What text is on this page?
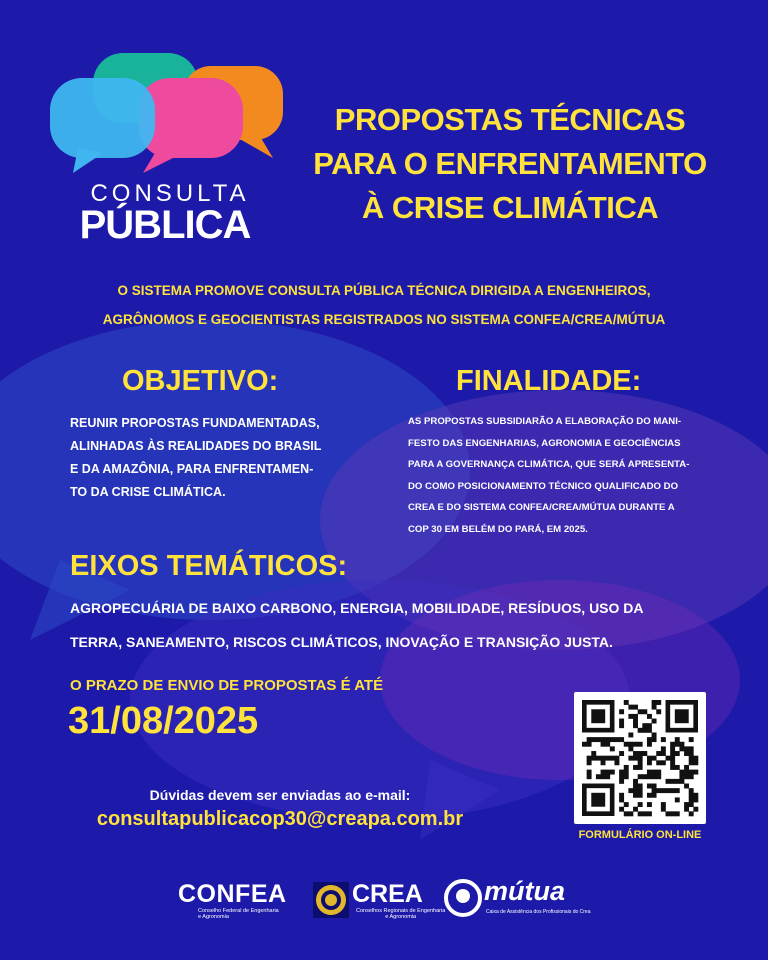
CONSULTA
PÚBLICA
PROPOSTAS TÉCNICAS
PARA O ENFRENTAMENTO
À CRISE CLIMÁTICA
O SISTEMA PROMOVE CONSULTA PÚBLICA TÉCNICA DIRIGIDA A ENGENHEIROS,
AGRÔNOMOS E GEOCIENTISTAS REGISTRADOS NO SISTEMA CONFEA/CREA/MÚTUA
OBJETIVO:
REUNIR PROPOSTAS FUNDAMENTADAS,
ALINHADAS ÀS REALIDADES DO BRASIL
E DA AMAZÔNIA, PARA ENFRENTAMEN-
TO DA CRISE CLIMÁTICA.
FINALIDADE:
AS PROPOSTAS SUBSIDIARÃO A ELABORAÇÃO DO MANI-
FESTO DAS ENGENHARIAS, AGRONOMIA E GEOCIÊNCIAS
PARA A GOVERNANÇA CLIMÁTICA, QUE SERÁ APRESENTA-
DO COMO POSICIONAMENTO TÉCNICO QUALIFICADO DO
CREA E DO SISTEMA CONFEA/CREA/MÚTUA DURANTE A
COP 30 EM BELÉM DO PARÁ, EM 2025.
EIXOS TEMÁTICOS:
AGROPECUÁRIA DE BAIXO CARBONO, ENERGIA, MOBILIDADE, RESÍDUOS, USO DA
TERRA, SANEAMENTO, RISCOS CLIMÁTICOS, INOVAÇÃO E TRANSIÇÃO JUSTA.
O PRAZO DE ENVIO DE PROPOSTAS É ATÉ
31/08/2025
Dúvidas devem ser enviadas ao e-mail:
consultapublicacop30@creapa.com.br
FORMULÁRIO ON-LINE
CONFEA
Conselho Federal de Engenharia
e Agronomia
CREA
Conselhos Regionais de Engenharia
e Agronomia
mútua
Caixa de Assistência dos Profissionais do Crea
